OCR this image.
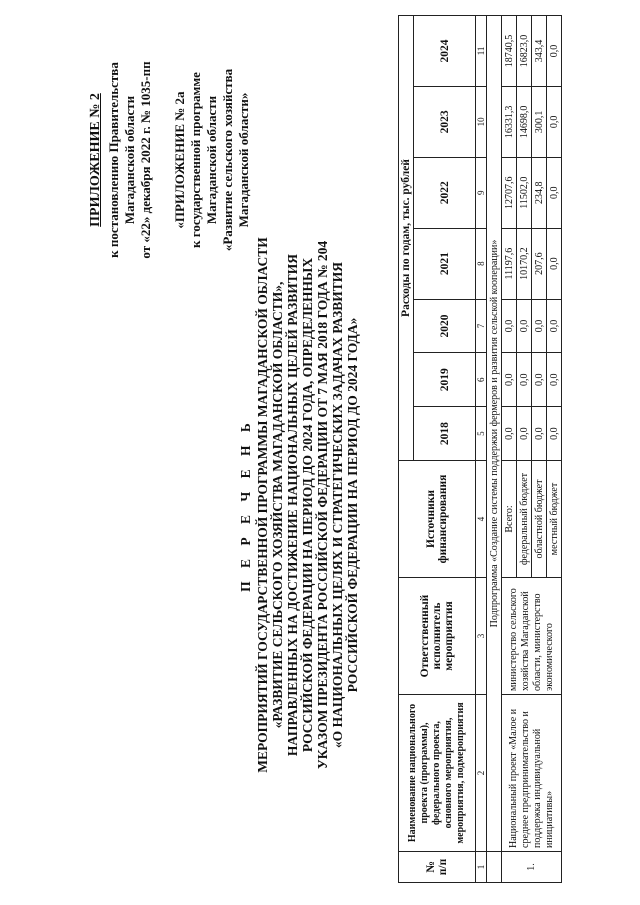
ПРИЛОЖЕНИЕ № 2 к постановлению Правительства Магаданской области от «22» декабря 2022 г. № 1035-пп «ПРИЛОЖЕНИЕ № 2а к государственной программе Магаданской области «Развитие сельского хозяйства Магаданской области»
П Е Р Е Ч Е Н Ь МЕРОПРИЯТИЙ ГОСУДАРСТВЕННОЙ ПРОГРАММЫ МАГАДАНСКОЙ ОБЛАСТИ «РАЗВИТИЕ СЕЛЬСКОГО ХОЗЯЙСТВА МАГАДАНСКОЙ ОБЛАСТИ», НАПРАВЛЕННЫХ НА ДОСТИЖЕНИЕ НАЦИОНАЛЬНЫХ ЦЕЛЕЙ РАЗВИТИЯ РОССИЙСКОЙ ФЕДЕРАЦИИ НА ПЕРИОД ДО 2024 ГОДА, ОПРЕДЕЛЕННЫХ УКАЗОМ ПРЕЗИДЕНТА РОССИЙСКОЙ ФЕДЕРАЦИИ ОТ 7 МАЯ 2018 ГОДА № 204 «О НАЦИОНАЛЬНЫХ ЦЕЛЯХ И СТРАТЕГИЧЕСКИХ ЗАДАЧАХ РАЗВИТИЯ РОССИЙСКОЙ ФЕДЕРАЦИИ НА ПЕРИОД ДО 2024 ГОДА»
№ п/п	Наименование национального проекта (программы), федерального проекта, основного мероприятия, мероприятия, подмероприятия	Ответственный исполнитель мероприятия	Источники финансирования	Расходы по годам, тыс. рублей						
				2018	2019	2020	2021	2022	2023	2024
1	2	3	4	5	6	7	8	9	10	11
	Подпрограмма «Создание системы поддержки фермеров и развития сельской кооперации»									
1.	Национальный проект «Малое и среднее предпринимательство и поддержка индивидуальной инициативы»	министерство сельского хозяйства Магаданской области, министерство экономического	Всего:	0,0	0,0	0,0	11197,6	12707,6	16331,3	18740,5
			федеральный бюджет	0,0	0,0	0,0	10170,2	11502,0	14698,0	16823,0
			областной бюджет	0,0	0,0	0,0	207,6	234,8	300,1	343,4
			местный бюджет	0,0	0,0	0,0	0,0	0,0	0,0	0,0
